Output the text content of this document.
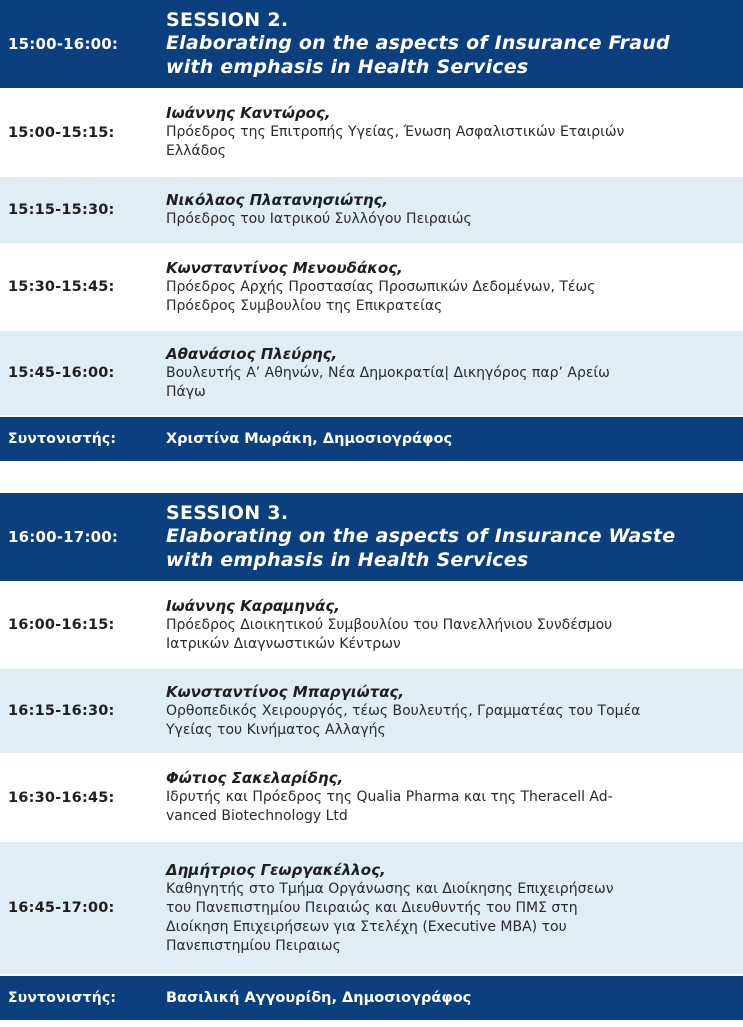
15:00-16:00:
SESSION 2.
Elaborating on the aspects of Insurance Fraud
with emphasis in Health Services
15:00-15:15:
Ιωάννης Καντώρος,
Πρόεδρος της Επιτροπής Υγείας, Ένωση Ασφαλιστικών Εταιριών
Ελλάδος
15:15-15:30:
Νικόλαος Πλατανησιώτης,
Πρόεδρος του Ιατρικού Συλλόγου Πειραιώς
15:30-15:45:
Κωνσταντίνος Μενουδάκος,
Πρόεδρος Αρχής Προστασίας Προσωπικών Δεδομένων, Τέως
Πρόεδρος Συμβουλίου της Επικρατείας
15:45-16:00:
Αθανάσιος Πλεύρης,
Βουλευτής Α’ Αθηνών, Νέα Δημοκρατία| Δικηγόρος παρ’ Αρείω
Πάγω
Συντονιστής:	Χριστίνα Μωράκη, Δημοσιογράφος
16:00-17:00:
SESSION 3.
Elaborating on the aspects of Insurance Waste
with emphasis in Health Services
16:00-16:15:
Ιωάννης Καραμηνάς,
Πρόεδρος Διοικητικού Συμβουλίου του Πανελλήνιου Συνδέσμου
Ιατρικών Διαγνωστικών Κέντρων
16:15-16:30:
Κωνσταντίνος Μπαργιώτας,
Ορθοπεδικός Χειρουργός, τέως Βουλευτής, Γραμματέας του Τομέα
Υγείας του Κινήματος Αλλαγής
16:30-16:45:
Φώτιος Σακελαρίδης,
Ιδρυτής και Πρόεδρος της Qualia Pharma και της Theracell Ad-
vanced Biotechnology Ltd
16:45-17:00:
Δημήτριος Γεωργακέλλος,
Καθηγητής στο Τμήμα Οργάνωσης και Διοίκησης Επιχειρήσεων
του Πανεπιστημίου Πειραιώς και Διευθυντής του ΠΜΣ στη
Διοίκηση Επιχειρήσεων για Στελέχη (Executive MBA) του
Πανεπιστημίου Πειραιως
Συντονιστής:	Βασιλική Αγγουρίδη, Δημοσιογράφος
